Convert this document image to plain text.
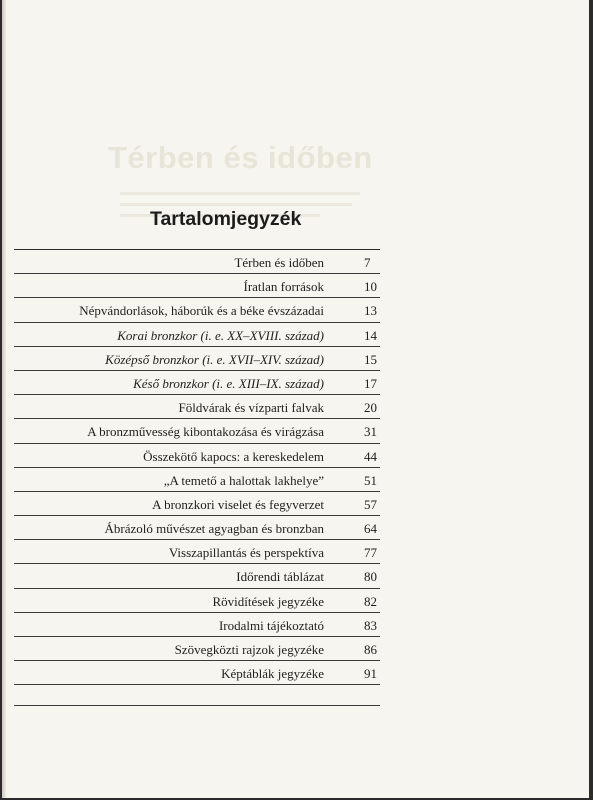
Térben és időben
Tartalomjegyzék
Térben és időben	7
Íratlan források	10
Népvándorlások, háborúk és a béke évszázadai	13
Korai bronzkor (i. e. XX–XVIII. század)	14
Középső bronzkor (i. e. XVII–XIV. század)	15
Késő bronzkor (i. e. XIII–IX. század)	17
Földvárak és vízparti falvak	20
A bronzművesség kibontakozása és virágzása	31
Összekötő kapocs: a kereskedelem	44
„A temető a halottak lakhelye”	51
A bronzkori viselet és fegyverzet	57
Ábrázoló művészet agyagban és bronzban	64
Visszapillantás és perspektíva	77
Időrendi táblázat	80
Rövidítések jegyzéke	82
Irodalmi tájékoztató	83
Szövegközti rajzok jegyzéke	86
Képtáblák jegyzéke	91
